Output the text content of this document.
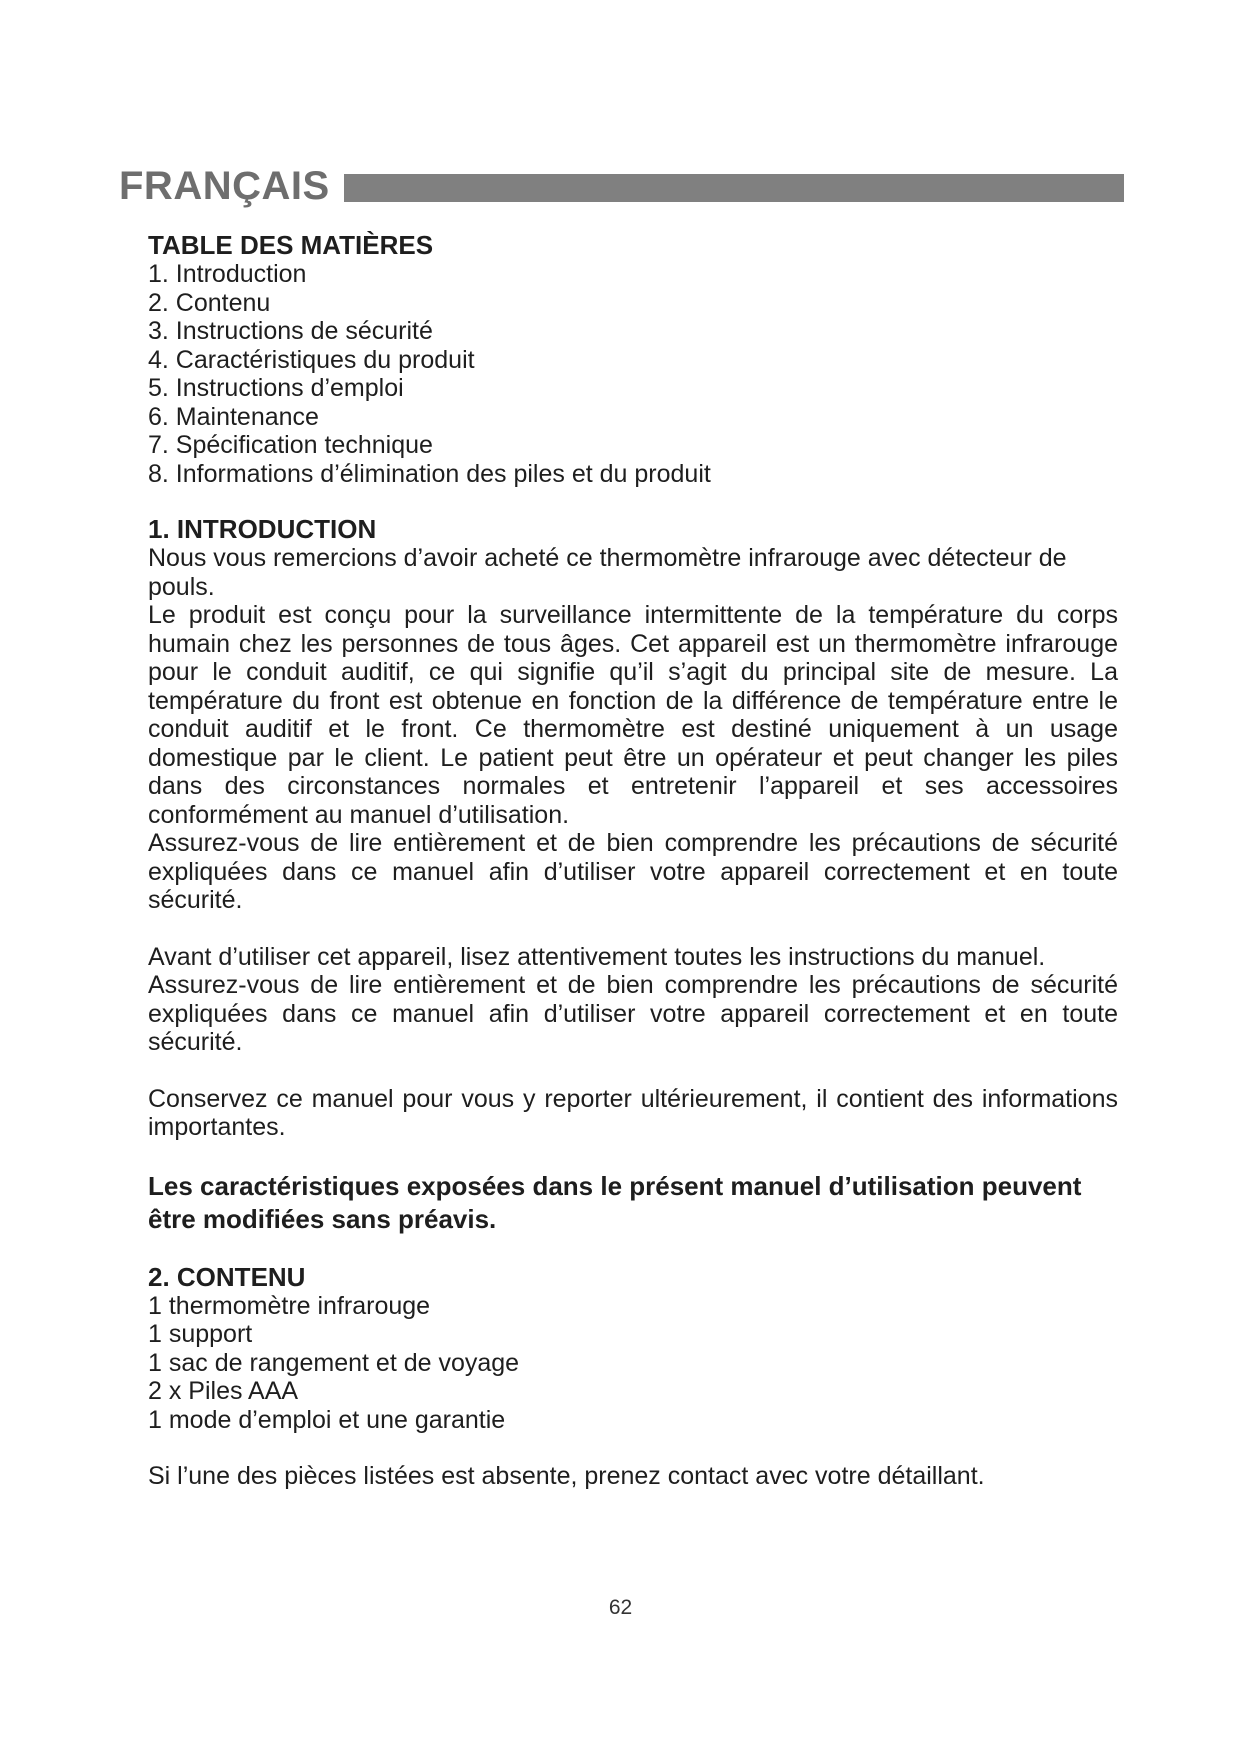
FRANÇAIS
TABLE DES MATIÈRES
1. Introduction
2. Contenu
3. Instructions de sécurité
4. Caractéristiques du produit
5. Instructions d’emploi
6. Maintenance
7. Spécification technique
8. Informations d’élimination des piles et du produit
1. INTRODUCTION

Nous vous remercions d’avoir acheté ce thermomètre infrarouge avec détecteur de pouls.

Le produit est conçu pour la surveillance intermittente de la température du corps humain chez les personnes de tous âges. Cet appareil est un thermomètre infrarouge pour le conduit auditif, ce qui signifie qu’il s’agit du principal site de mesure. La température du front est obtenue en fonction de la différence de température entre le conduit auditif et le front. Ce thermomètre est destiné uniquement à un usage domestique par le client. Le patient peut être un opérateur et peut changer les piles dans des circonstances normales et entretenir l’appareil et ses accessoires conformément au manuel d’utilisation.

Assurez-vous de lire entièrement et de bien comprendre les précautions de sécurité expliquées dans ce manuel afin d’utiliser votre appareil correctement et en toute sécurité.

Avant d’utiliser cet appareil, lisez attentivement toutes les instructions du manuel.

Assurez-vous de lire entièrement et de bien comprendre les précautions de sécurité expliquées dans ce manuel afin d’utiliser votre appareil correctement et en toute sécurité.

Conservez ce manuel pour vous y reporter ultérieurement, il contient des informations importantes.

Les caractéristiques exposées dans le présent manuel d’utilisation peuvent être modifiées sans préavis.

2. CONTENU
1 thermomètre infrarouge
1 support
1 sac de rangement et de voyage
2 x Piles AAA
1 mode d’emploi et une garantie

Si l’une des pièces listées est absente, prenez contact avec votre détaillant.

62
